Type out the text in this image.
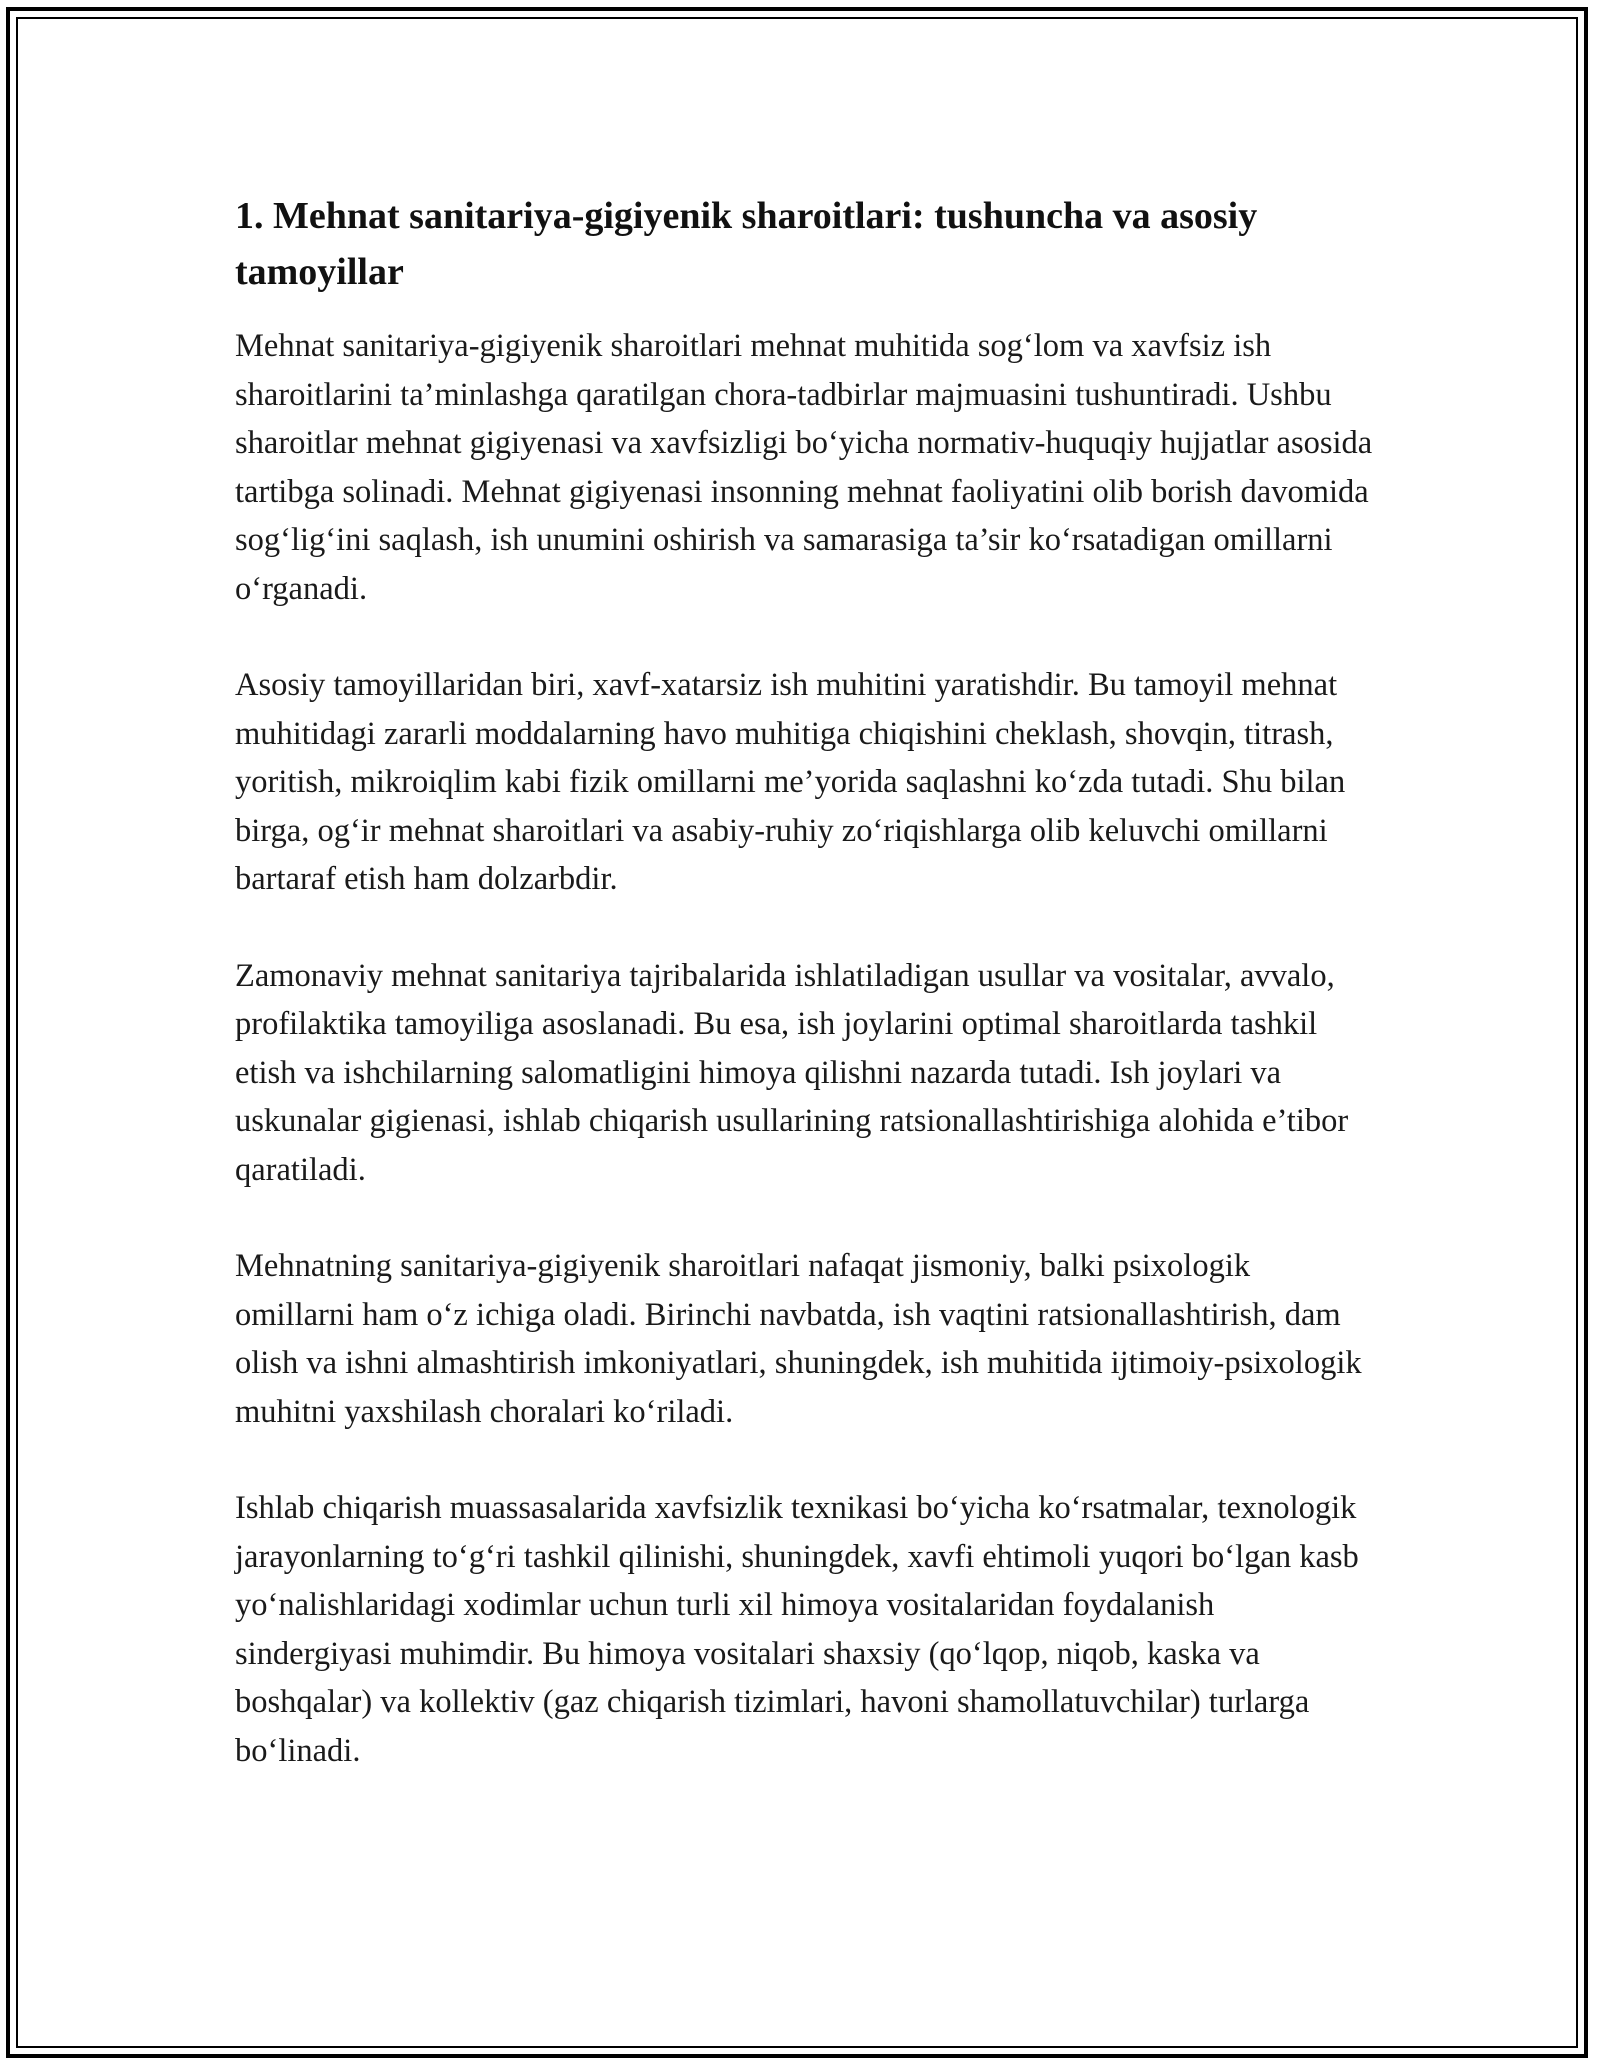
1. Mehnat sanitariya-gigiyenik sharoitlari: tushuncha va asosiy tamoyillar

Mehnat sanitariya-gigiyenik sharoitlari mehnat muhitida sog‘lom va xavfsiz ish sharoitlarini ta’minlashga qaratilgan chora-tadbirlar majmuasini tushuntiradi. Ushbu sharoitlar mehnat gigiyenasi va xavfsizligi bo‘yicha normativ-huquqiy hujjatlar asosida tartibga solinadi. Mehnat gigiyenasi insonning mehnat faoliyatini olib borish davomida sog‘lig‘ini saqlash, ish unumini oshirish va samarasiga ta’sir ko‘rsatadigan omillarni o‘rganadi.

Asosiy tamoyillaridan biri, xavf-xatarsiz ish muhitini yaratishdir. Bu tamoyil mehnat muhitidagi zararli moddalarning havo muhitiga chiqishini cheklash, shovqin, titrash, yoritish, mikroiqlim kabi fizik omillarni me’yorida saqlashni ko‘zda tutadi. Shu bilan birga, og‘ir mehnat sharoitlari va asabiy-ruhiy zo‘riqishlarga olib keluvchi omillarni bartaraf etish ham dolzarbdir.

Zamonaviy mehnat sanitariya tajribalarida ishlatiladigan usullar va vositalar, avvalo, profilaktika tamoyiliga asoslanadi. Bu esa, ish joylarini optimal sharoitlarda tashkil etish va ishchilarning salomatligini himoya qilishni nazarda tutadi. Ish joylari va uskunalar gigienasi, ishlab chiqarish usullarining ratsionallashtirishiga alohida e’tibor qaratiladi.

Mehnatning sanitariya-gigiyenik sharoitlari nafaqat jismoniy, balki psixologik omillarni ham o‘z ichiga oladi. Birinchi navbatda, ish vaqtini ratsionallashtirish, dam olish va ishni almashtirish imkoniyatlari, shuningdek, ish muhitida ijtimoiy-psixologik muhitni yaxshilash choralari ko‘riladi.

Ishlab chiqarish muassasalarida xavfsizlik texnikasi bo‘yicha ko‘rsatmalar, texnologik jarayonlarning to‘g‘ri tashkil qilinishi, shuningdek, xavfi ehtimoli yuqori bo‘lgan kasb yo‘nalishlaridagi xodimlar uchun turli xil himoya vositalaridan foydalanish sindergiyasi muhimdir. Bu himoya vositalari shaxsiy (qo‘lqop, niqob, kaska va boshqalar) va kollektiv (gaz chiqarish tizimlari, havoni shamollatuvchilar) turlarga bo‘linadi.
